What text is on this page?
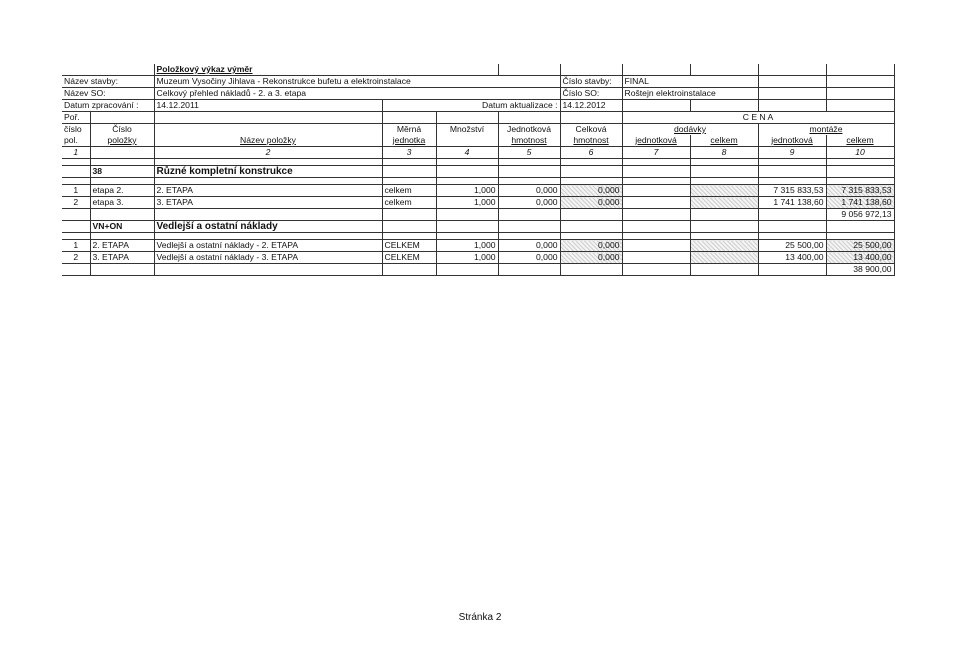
		Položkový výkaz výměr								
Název stavby:		Muzeum Vysočiny Jihlava - Rekonstrukce bufetu a elektroinstalace				Číslo stavby:	FINAL			
Název SO:		Celkový přehled nákladů - 2. a 3. etapa				Číslo SO:	Roštejn elektroinstalace			
Datum zpracování :		14.12.2011	Datum aktualizace :			14.12.2012				
Poř.							C E N A			
číslo	Číslo		Měrná	Množství	Jednotková	Celková	dodávky		montáže	
pol.	položky	Název položky	jednotka		hmotnost	hmotnost	jednotková	celkem	jednotková	celkem
1		2	3	4	5	6	7	8	9	10

	38	Různé kompletní konstrukce								

1	etapa 2.	2. ETAPA	celkem	1,000	0,000	0,000			7 315 833,53	7 315 833,53
2	etapa 3.	3. ETAPA	celkem	1,000	0,000	0,000			1 741 138,60	1 741 138,60
										9 056 972,13
	VN+ON	Vedlejší a ostatní náklady								

1	2. ETAPA	Vedlejší a ostatní náklady - 2. ETAPA	CELKEM	1,000	0,000	0,000			25 500,00	25 500,00
2	3. ETAPA	Vedlejší a ostatní náklady - 3. ETAPA	CELKEM	1,000	0,000	0,000			13 400,00	13 400,00
										38 900,00
Stránka 2
